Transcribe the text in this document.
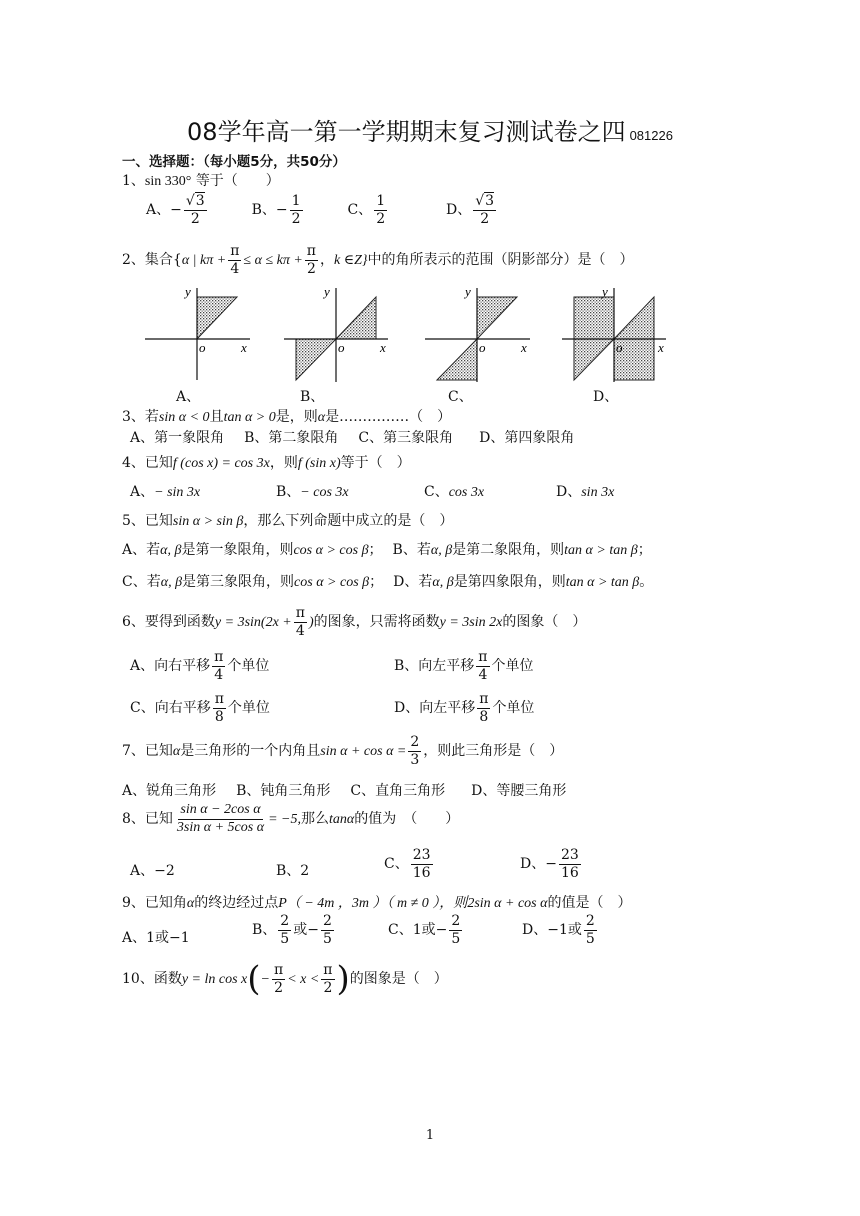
08学年高一第一学期期末复习测试卷之四 081226
一、选择题：（每小题5分，共50分）
1、sin 330° 等于（　　）
A、− $\frac{√3}{2}$	B、− $\frac{1}{2}$	C、 $\frac{1}{2}$	D、 $\frac{√3}{2}$
2、集合{α | $k\pi + \frac{\pi}{4} \le \alpha \le k\pi + \frac{\pi}{2}$ ，k ∈Z}中的角所表示的范围（阴影部分）是（　）
y
o	x
y
o	x
y
o	x
y
o	x
A、	B、	C、	D、
3、若sin α < 0且tan α > 0是，则α是……………（　）
A、第一象限角 B、第二象限角 C、第三象限角 D、第四象限角
4、已知f (cos x) = cos 3x，则f (sin x)等于（　）
A、− sin 3x	B、− cos 3x	C、cos 3x	D、sin 3x
5、已知sin α > sin β，那么下列命题中成立的是（　）
A、若α, β是第一象限角，则cos α > cos β； B、若α, β是第二象限角，则tan α > tan β；
C、若α, β是第三象限角，则cos α > cos β； D、若α, β是第四象限角，则tan α > tan β。
6、要得到函数$y = 3\sin(2x + \frac{\pi}{4}$ )的图象，只需将函数y = 3sin 2x的图象（　）
A、向右平移 $\frac{\pi}{4}$ 个单位	B、向左平移 $\frac{\pi}{4}$ 个单位
C、向右平移 $\frac{\pi}{8}$ 个单位	D、向左平移 $\frac{\pi}{8}$ 个单位
7、已知α是三角形的一个内角且$\sin \alpha + \cos \alpha = \frac{2}{3}$ ，则此三角形是（　）
A、锐角三角形 B、钝角三角形 C、直角三角形 D、等腰三角形
8、已知 $\frac{\text{sin α − 2cos α}}{\text{3sin α + 5cos α}} = -5$,那么tanα的值为　（　　）
A、−2	B、2	C、 $\frac{23}{16}$	D、− $\frac{23}{16}$
9、已知角α的终边经过点P（ − 4m ，3m ）（ m ≠ 0 ），则2sin α + cos α的值是（　）
A、1或−1	B、 $\frac{2}{5}$ 或− $\frac{2}{5}$	C、1或− $\frac{2}{5}$	D、−1或 $\frac{2}{5}$
10、函数$y = \ln \cos x(- \frac{\pi}{2} < x < \frac{\pi}{2}$ )的图象是（　）
1
